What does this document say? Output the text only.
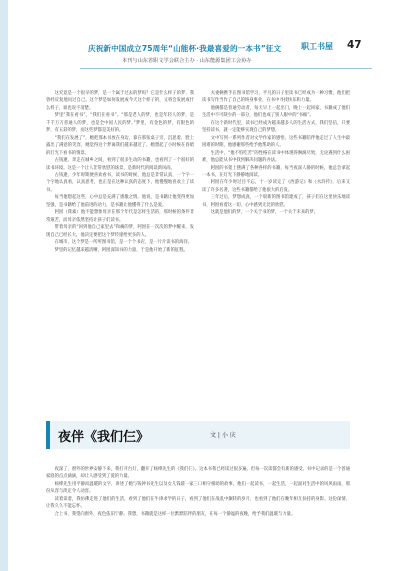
庆祝新中国成立75周年“山能杯·我最喜爱的一本书”征文
本刊与山东省职文学会联合主办 · 山东能源集团工会协办
职工书屋 47

这究竟是一个很早的梦，是一个属于过去的梦吗？它是什么样子的梦，我曾经反复地问过自己。这个梦是如何发展成今天这个样子的，又将会发展成什么样子，谁也说不清楚。

梦里“我在看书”，“我们在看书”。“那是老人的梦，也是年轻人的梦，是千千万万普通人的梦，也是全中国人民的梦。”梦里，有金色的梦，有银色的梦，有五彩的梦，而这些梦都是美好的。

“我们在发展了”，她把那本书放在身边，靠在那张桌子旁，沉思着，脸上露出了满意的笑容，她觉得这个梦离我们越来越近了，她想起了小时候在昏暗的灯光下看书的情景。

古钱逢，奔走在城乡之间，看到了很多生动的书籍，也看到了一个很好的读书环境。这是一个让人非常欣慰的场景，是新时代的阅读新风尚。

古钱逢，少年时期便喜欢看书，读书的时候，他总是非常认真，一个字一个字地认真看，认真思考，也正是在这种认真的态度下，他慢慢地喜欢上了读书。

每当他想起这些，心中总是充满了感激之情。他说，是书籍让他变得更加坚强，是书籍给了他前进的动力，是书籍让他懂得了什么是爱。

阿囡（我素）他不能想象母亲在那个年代是怎样生活的，那时候的条件非常艰苦，而母亲依然坚持让孩子们读书。

带着母亲的“回到他自己家里去”和痛的梦，阿囡在一次次的梦中醒来，发现自己已经长大，他决定要把这个梦传递给更多的人。

在城市，这个梦是一所所图书馆，是一个个书店，是一片片读书的海洋。

梦里的记忆越来越清晰，阿囡深知书的力量，于是他开始了新的征程。

夫妻俩携手在图书馆学习，平凡的日子里读书已经成为一种习惯，他们把读书写作当作了自己的终身事业，在书中寻找快乐和力量。

他俩都是普通劳动者，每天早上一起出门，晚上一起回家，书籍成了他们生活中不可缺少的一部分，他们也成了别人眼中的“书痴”。

在这个新时代里，读书已经成为越来越多人的生活方式，我们坚信，只要坚持读书，就一定能够实现自己的梦想。

文中写到一系列作者对文学作家的感悟，这些书籍陪伴他走过了人生中最困难的时期，他感谢那些给予他帮助的人。

生活中，“他不怕吃苦”的性格在读书中体现得淋漓尽致，无论遇到什么困难，他总能从书中找到解决问题的办法。

阿囡的书架上摆满了各种各样的书籍，每当夜深人静的时候，他总会拿起一本书，在灯光下静静地阅读。

阿囡在年少时过目不忘，十一岁读完了《西游记》和《水浒传》，后来又读了许多名著，这些书籍都给了他很大的启发。

三年过后，梦想成真，一个崭新的图书馆建成了，孩子们在这里快乐地读书，阿囡看着这一切，心中感到无比的欣慰。

这就是他们的梦，一个关于书的梦，一个关于未来的梦。

夜伴《我们仨》	文 | 小 庆

夜深了，窗外的世界安静下来，我打开台灯，翻开了杨绛先生的《我们仨》。这本书我已经读过很多遍，但每一次读都会有新的感受。书中记录的是一个普通家庭的点点滴滴，却让人感受到了爱的力量。

杨绛先生用平静而温暖的文字，讲述了她与钱钟书先生以及女儿钱瑗一家三口相守相助的故事。他们一起读书，一起生活，一起面对生活中的风风雨雨，那份从容与淡定令人动容。

读着读着，我仿佛走进了他们的生活，看到了他们在牛津求学的日子，看到了他们在战乱中辗转的岁月，也看到了他们在晚年相互扶持的身影。这份深情，让我久久不能忘怀。

合上书，我望向窗外，夜色依旧宁静。我想，书籍就是这样一位默默陪伴的朋友，在每一个静谧的夜晚，给予我们温暖与力量。
